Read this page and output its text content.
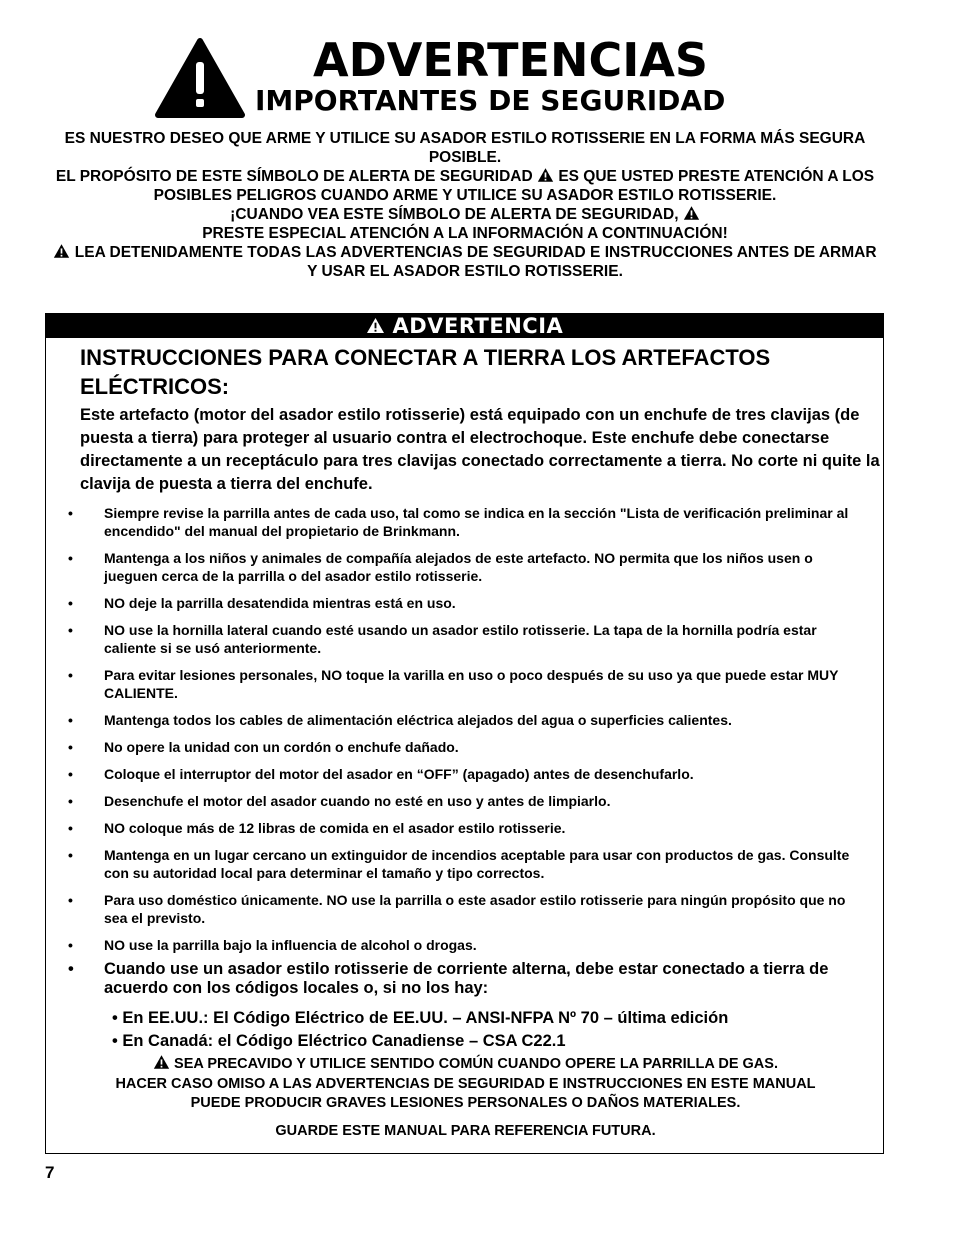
ADVERTENCIAS
IMPORTANTES DE SEGURIDAD

ES NUESTRO DESEO QUE ARME Y UTILICE SU ASADOR ESTILO ROTISSERIE EN LA FORMA MÁS SEGURA POSIBLE.

EL PROPÓSITO DE ESTE SÍMBOLO DE ALERTA DE SEGURIDAD ES QUE USTED PRESTE ATENCIÓN A LOS POSIBLES PELIGROS CUANDO ARME Y UTILICE SU ASADOR ESTILO ROTISSERIE.

¡CUANDO VEA ESTE SÍMBOLO DE ALERTA DE SEGURIDAD,
PRESTE ESPECIAL ATENCIÓN A LA INFORMACIÓN A CONTINUACIÓN!

LEA DETENIDAMENTE TODAS LAS ADVERTENCIAS DE SEGURIDAD E INSTRUCCIONES ANTES DE ARMAR Y USAR EL ASADOR ESTILO ROTISSERIE.

ADVERTENCIA
INSTRUCCIONES PARA CONECTAR A TIERRA LOS ARTEFACTOS ELÉCTRICOS:
Este artefacto (motor del asador estilo rotisserie) está equipado con un enchufe de tres clavijas (de puesta a tierra) para proteger al usuario contra el electrochoque. Este enchufe debe conectarse directamente a un receptáculo para tres clavijas conectado correctamente a tierra. No corte ni quite la clavija de puesta a tierra del enchufe.
• Siempre revise la parrilla antes de cada uso, tal como se indica en la sección "Lista de verificación preliminar al encendido" del manual del propietario de Brinkmann.
• Mantenga a los niños y animales de compañía alejados de este artefacto. NO permita que los niños usen o jueguen cerca de la parrilla o del asador estilo rotisserie.
• NO deje la parrilla desatendida mientras está en uso.
• NO use la hornilla lateral cuando esté usando un asador estilo rotisserie. La tapa de la hornilla podría estar caliente si se usó anteriormente.
• Para evitar lesiones personales, NO toque la varilla en uso o poco después de su uso ya que puede estar MUY CALIENTE.
• Mantenga todos los cables de alimentación eléctrica alejados del agua o superficies calientes.
• No opere la unidad con un cordón o enchufe dañado.
• Coloque el interruptor del motor del asador en “OFF” (apagado) antes de desenchufarlo.
• Desenchufe el motor del asador cuando no esté en uso y antes de limpiarlo.
• NO coloque más de 12 libras de comida en el asador estilo rotisserie.
• Mantenga en un lugar cercano un extinguidor de incendios aceptable para usar con productos de gas. Consulte con su autoridad local para determinar el tamaño y tipo correctos.
• Para uso doméstico únicamente. NO use la parrilla o este asador estilo rotisserie para ningún propósito que no sea el previsto.
• NO use la parrilla bajo la influencia de alcohol o drogas.
• Cuando use un asador estilo rotisserie de corriente alterna, debe estar conectado a tierra de acuerdo con los códigos locales o, si no los hay:
• En EE.UU.: El Código Eléctrico de EE.UU. – ANSI-NFPA Nº 70 – última edición
• En Canadá: el Código Eléctrico Canadiense – CSA C22.1

SEA PRECAVIDO Y UTILICE SENTIDO COMÚN CUANDO OPERE LA PARRILLA DE GAS.

HACER CASO OMISO A LAS ADVERTENCIAS DE SEGURIDAD E INSTRUCCIONES EN ESTE MANUAL PUEDE PRODUCIR GRAVES LESIONES PERSONALES O DAÑOS MATERIALES.

GUARDE ESTE MANUAL PARA REFERENCIA FUTURA.

7
